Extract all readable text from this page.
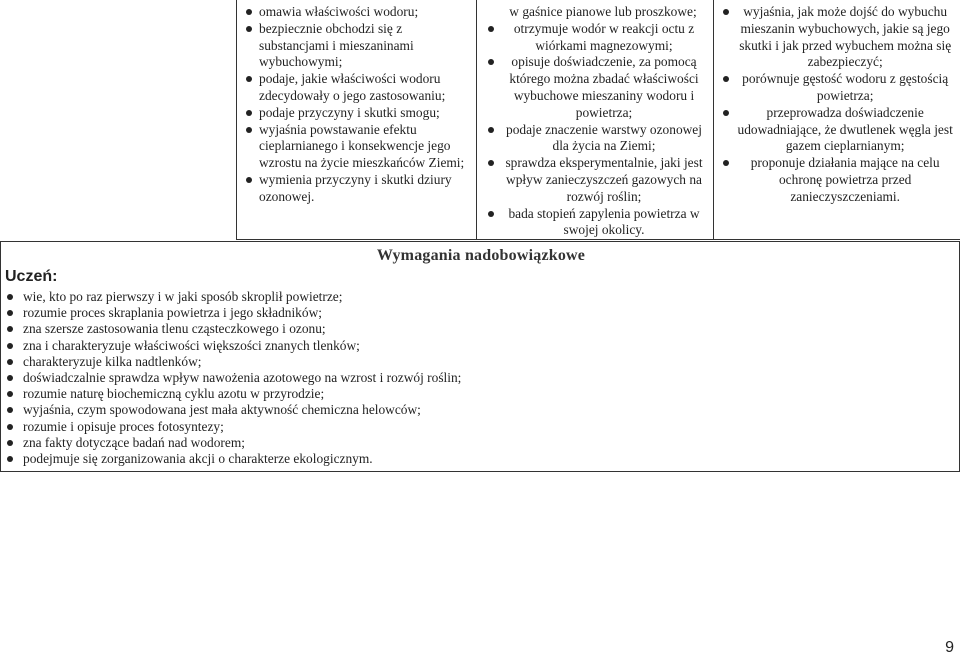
omawia właściwości wodoru;
bezpiecznie obchodzi się z substancjami i mieszaninami wybuchowymi;
podaje, jakie właściwości wodoru zdecydowały o jego zastosowaniu;
podaje przyczyny i skutki smogu;
wyjaśnia powstawanie efektu cieplarnianego i konsekwencje jego wzrostu na życie mieszkańców Ziemi;
wymienia przyczyny i skutki dziury ozonowej.
w gaśnice pianowe lub proszkowe;
otrzymuje wodór w reakcji octu z wiórkami magnezowymi;
opisuje doświadczenie, za pomocą którego można zbadać właściwości wybuchowe mieszaniny wodoru i powietrza;
podaje znaczenie warstwy ozonowej dla życia na Ziemi;
sprawdza eksperymentalnie, jaki jest wpływ zanieczyszczeń gazowych na rozwój roślin;
bada stopień zapylenia powietrza w swojej okolicy.
wyjaśnia, jak może dojść do wybuchu mieszanin wybuchowych, jakie są jego skutki i jak przed wybuchem można się zabezpieczyć;
porównuje gęstość wodoru z gęstością powietrza;
przeprowadza doświadczenie udowadniające, że dwutlenek węgla jest gazem cieplarnianym;
proponuje działania mające na celu ochronę powietrza przed zanieczyszczeniami.
Wymagania nadobowiązkowe
Uczeń:
wie, kto po raz pierwszy i w jaki sposób skroplił powietrze;
rozumie proces skraplania powietrza i jego składników;
zna szersze zastosowania tlenu cząsteczkowego i ozonu;
zna i charakteryzuje właściwości większości znanych tlenków;
charakteryzuje kilka nadtlenków;
doświadczalnie sprawdza wpływ nawożenia azotowego na wzrost i rozwój roślin;
rozumie naturę biochemiczną cyklu azotu w przyrodzie;
wyjaśnia, czym spowodowana jest mała aktywność chemiczna helowców;
rozumie i opisuje proces fotosyntezy;
zna fakty dotyczące badań nad wodorem;
podejmuje się zorganizowania akcji o charakterze ekologicznym.
9
